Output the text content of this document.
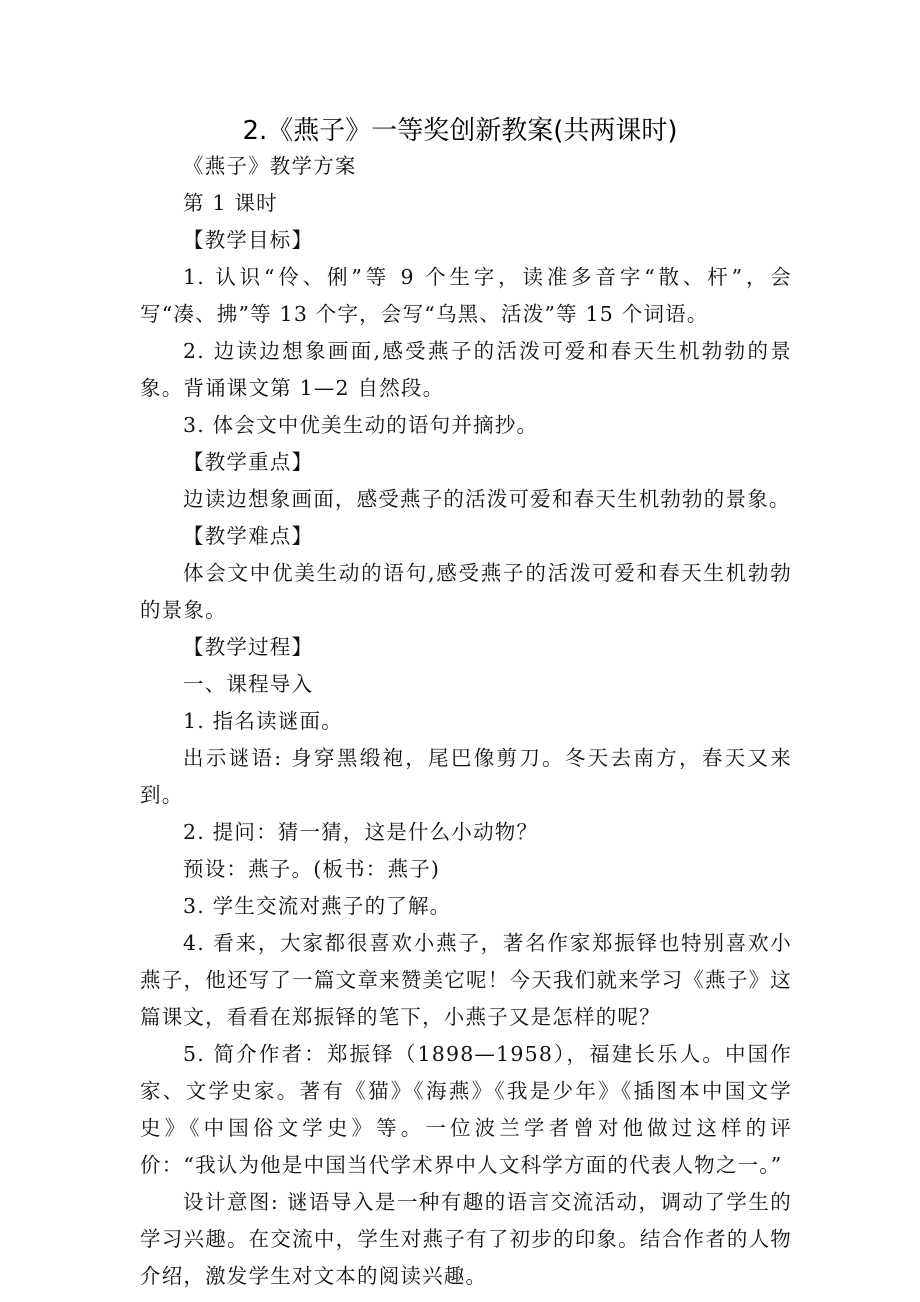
2.《燕子》一等奖创新教案(共两课时)

《燕子》教学方案

第 1 课时

【教学目标】

1. 认识“伶、俐”等 9 个生字，读准多音字“散、杆”，会写“凑、拂”等 13 个字，会写“乌黑、活泼”等 15 个词语。

2. 边读边想象画面,感受燕子的活泼可爱和春天生机勃勃的景象。背诵课文第 1—2 自然段。

3. 体会文中优美生动的语句并摘抄。

【教学重点】

边读边想象画面，感受燕子的活泼可爱和春天生机勃勃的景象。

【教学难点】

体会文中优美生动的语句,感受燕子的活泼可爱和春天生机勃勃的景象。

【教学过程】

一、课程导入

1. 指名读谜面。

出示谜语: 身穿黑缎袍，尾巴像剪刀。冬天去南方，春天又来到。

2. 提问：猜一猜，这是什么小动物？

预设：燕子。(板书：燕子)

3. 学生交流对燕子的了解。

4. 看来，大家都很喜欢小燕子，著名作家郑振铎也特别喜欢小燕子，他还写了一篇文章来赞美它呢！今天我们就来学习《燕子》这篇课文，看看在郑振铎的笔下，小燕子又是怎样的呢？

5. 简介作者：郑振铎（1898—1958），福建长乐人。中国作家、文学史家。著有《猫》《海燕》《我是少年》《插图本中国文学史》《中国俗文学史》等。一位波兰学者曾对他做过这样的评价：“我认为他是中国当代学术界中人文科学方面的代表人物之一。”

设计意图: 谜语导入是一种有趣的语言交流活动，调动了学生的学习兴趣。在交流中，学生对燕子有了初步的印象。结合作者的人物介绍，激发学生对文本的阅读兴趣。
